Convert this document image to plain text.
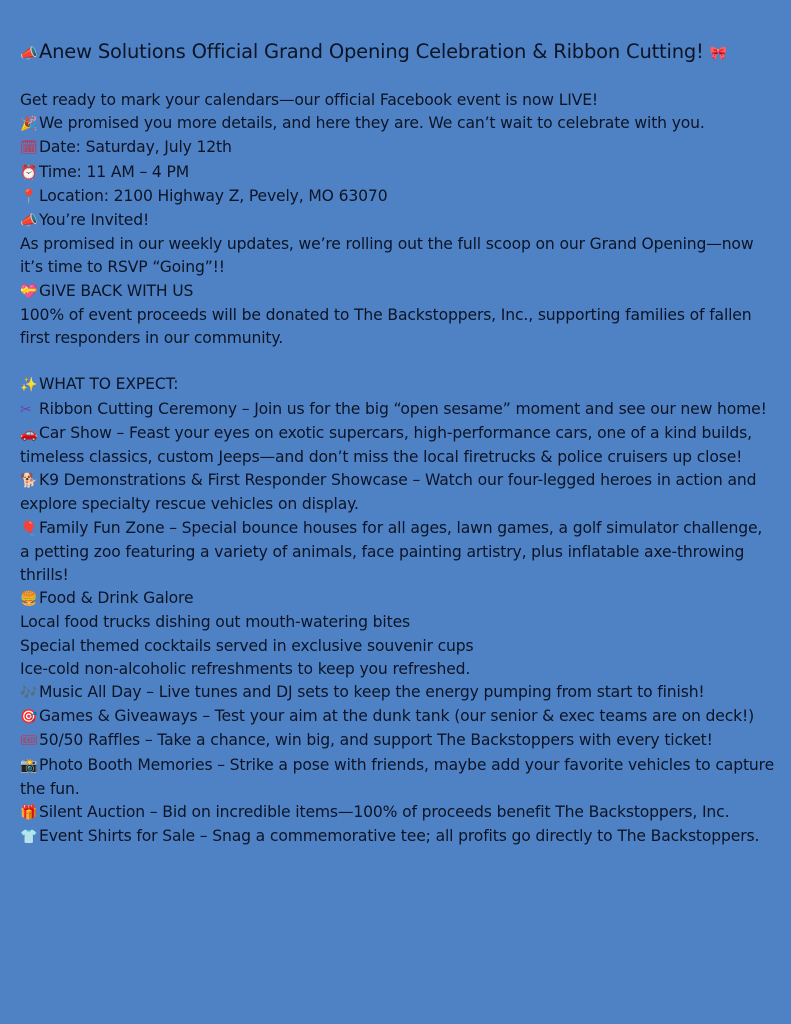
📣Anew Solutions Official Grand Opening Celebration & Ribbon Cutting! 🎀

Get ready to mark your calendars—our official Facebook event is now LIVE!

🎉 We promised you more details, and here they are. We can’t wait to celebrate with you.

🗓Date: Saturday, July 12th

⏰ Time: 11 AM – 4 PM

📍 Location: 2100 Highway Z, Pevely, MO 63070

📣 You’re Invited!

As promised in our weekly updates, we’re rolling out the full scoop on our Grand Opening—now it’s time to RSVP “Going”!!

💝 GIVE BACK WITH US

100% of event proceeds will be donated to The Backstoppers, Inc., supporting families of fallen first responders in our community.

✨ WHAT TO EXPECT:

✂ Ribbon Cutting Ceremony – Join us for the big “open sesame” moment and see our new home!

🚗 Car Show – Feast your eyes on exotic supercars, high-performance cars, one of a kind builds, timeless classics, custom Jeeps—and don’t miss the local firetrucks & police cruisers up close!

🐕 K9 Demonstrations & First Responder Showcase – Watch our four-legged heroes in action and explore specialty rescue vehicles on display.

🎈 Family Fun Zone – Special bounce houses for all ages, lawn games, a golf simulator challenge, a petting zoo featuring a variety of animals, face painting artistry, plus inflatable axe-throwing thrills!

🍔 Food & Drink Galore

Local food trucks dishing out mouth-watering bites

Special themed cocktails served in exclusive souvenir cups

Ice-cold non-alcoholic refreshments to keep you refreshed.

🎶 Music All Day – Live tunes and DJ sets to keep the energy pumping from start to finish!

🎯 Games & Giveaways – Test your aim at the dunk tank (our senior & exec teams are on deck!)

🎟50/50 Raffles – Take a chance, win big, and support The Backstoppers with every ticket!

📸 Photo Booth Memories – Strike a pose with friends, maybe add your favorite vehicles to capture the fun.

🎁 Silent Auction – Bid on incredible items—100% of proceeds benefit The Backstoppers, Inc.

👕 Event Shirts for Sale – Snag a commemorative tee; all profits go directly to The Backstoppers.
